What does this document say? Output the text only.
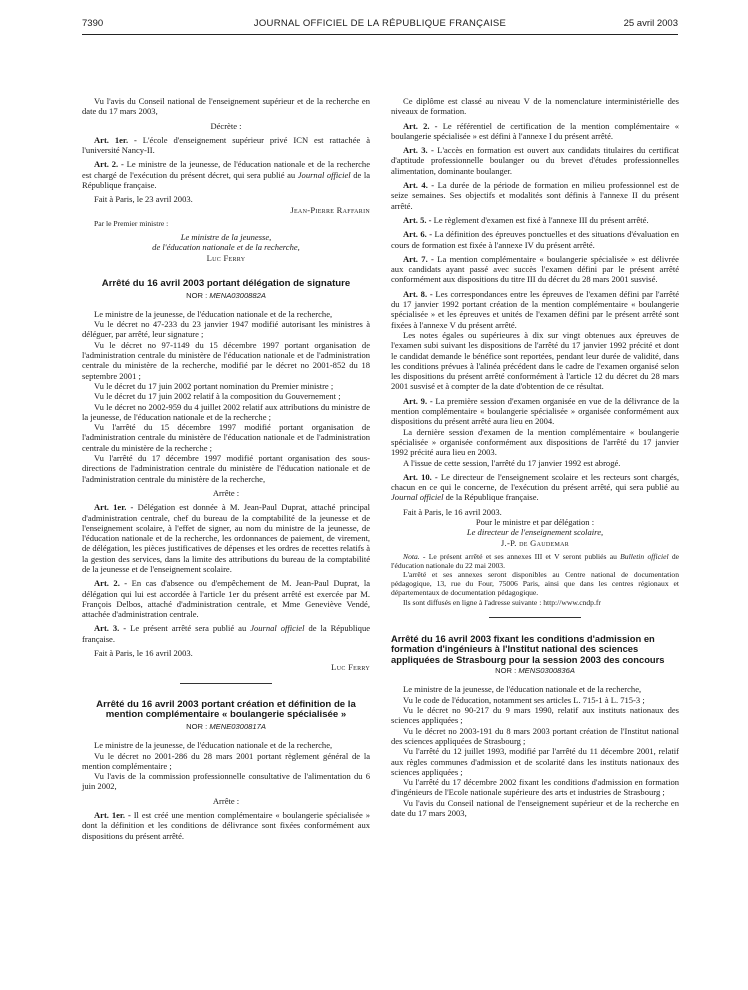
7390	JOURNAL OFFICIEL DE LA RÉPUBLIQUE FRANÇAISE	25 avril 2003

Vu l'avis du Conseil national de l'enseignement supérieur et de la recherche en date du 17 mars 2003,

Décrète :

Art. 1er. - L'école d'enseignement supérieur privé ICN est rattachée à l'université Nancy-II.

Art. 2. - Le ministre de la jeunesse, de l'éducation nationale et de la recherche est chargé de l'exécution du présent décret, qui sera publié au Journal officiel de la République française.

Fait à Paris, le 23 avril 2003.

Jean-Pierre Raffarin

Par le Premier ministre :

Le ministre de la jeunesse,

de l'éducation nationale et de la recherche,

Luc Ferry

Arrêté du 16 avril 2003 portant délégation de signature
NOR : MENA0300882A

Le ministre de la jeunesse, de l'éducation nationale et de la recherche,

Vu le décret no 47-233 du 23 janvier 1947 modifié autorisant les ministres à déléguer, par arrêté, leur signature ;

Vu le décret no 97-1149 du 15 décembre 1997 portant organisation de l'administration centrale du ministère de l'éducation nationale et de l'administration centrale du ministère de la recherche, modifié par le décret no 2001-852 du 18 septembre 2001 ;

Vu le décret du 17 juin 2002 portant nomination du Premier ministre ;

Vu le décret du 17 juin 2002 relatif à la composition du Gouvernement ;

Vu le décret no 2002-959 du 4 juillet 2002 relatif aux attributions du ministre de la jeunesse, de l'éducation nationale et de la recherche ;

Vu l'arrêté du 15 décembre 1997 modifié portant organisation de l'administration centrale du ministère de l'éducation nationale et de l'administration centrale du ministère de la recherche ;

Vu l'arrêté du 17 décembre 1997 modifié portant organisation des sous-directions de l'administration centrale du ministère de l'éducation nationale et de l'administration centrale du ministère de la recherche,

Arrête :

Art. 1er. - Délégation est donnée à M. Jean-Paul Duprat, attaché principal d'administration centrale, chef du bureau de la comptabilité de la jeunesse et de l'enseignement scolaire, à l'effet de signer, au nom du ministre de la jeunesse, de l'éducation nationale et de la recherche, les ordonnances de paiement, de virement, de délégation, les pièces justificatives de dépenses et les ordres de recettes relatifs à la gestion des services, dans la limite des attributions du bureau de la comptabilité de la jeunesse et de l'enseignement scolaire.

Art. 2. - En cas d'absence ou d'empêchement de M. Jean-Paul Duprat, la délégation qui lui est accordée à l'article 1er du présent arrêté est exercée par M. François Delbos, attaché d'administration centrale, et Mme Geneviève Vendé, attachée d'administration centrale.

Art. 3. - Le présent arrêté sera publié au Journal officiel de la République française.

Fait à Paris, le 16 avril 2003.

Luc Ferry

Arrêté du 16 avril 2003 portant création et définition de la mention complémentaire « boulangerie spécialisée »
NOR : MENE0300817A

Le ministre de la jeunesse, de l'éducation nationale et de la recherche,

Vu le décret no 2001-286 du 28 mars 2001 portant règlement général de la mention complémentaire ;

Vu l'avis de la commission professionnelle consultative de l'alimentation du 6 juin 2002,

Arrête :

Art. 1er. - Il est créé une mention complémentaire « boulangerie spécialisée » dont la définition et les conditions de délivrance sont fixées conformément aux dispositions du présent arrêté.

Ce diplôme est classé au niveau V de la nomenclature interministérielle des niveaux de formation.

Art. 2. - Le référentiel de certification de la mention complémentaire « boulangerie spécialisée » est défini à l'annexe I du présent arrêté.

Art. 3. - L'accès en formation est ouvert aux candidats titulaires du certificat d'aptitude professionnelle boulanger ou du brevet d'études professionnelles alimentation, dominante boulanger.

Art. 4. - La durée de la période de formation en milieu professionnel est de seize semaines. Ses objectifs et modalités sont définis à l'annexe II du présent arrêté.

Art. 5. - Le règlement d'examen est fixé à l'annexe III du présent arrêté.

Art. 6. - La définition des épreuves ponctuelles et des situations d'évaluation en cours de formation est fixée à l'annexe IV du présent arrêté.

Art. 7. - La mention complémentaire « boulangerie spécialisée » est délivrée aux candidats ayant passé avec succès l'examen défini par le présent arrêté conformément aux dispositions du titre III du décret du 28 mars 2001 susvisé.

Art. 8. - Les correspondances entre les épreuves de l'examen défini par l'arrêté du 17 janvier 1992 portant création de la mention complémentaire « boulangerie spécialisée » et les épreuves et unités de l'examen défini par le présent arrêté sont fixées à l'annexe V du présent arrêté.

Les notes égales ou supérieures à dix sur vingt obtenues aux épreuves de l'examen subi suivant les dispositions de l'arrêté du 17 janvier 1992 précité et dont le candidat demande le bénéfice sont reportées, pendant leur durée de validité, dans les conditions prévues à l'alinéa précédent dans le cadre de l'examen organisé selon les dispositions du présent arrêté conformément à l'article 12 du décret du 28 mars 2001 susvisé et à compter de la date d'obtention de ce résultat.

Art. 9. - La première session d'examen organisée en vue de la délivrance de la mention complémentaire « boulangerie spécialisée » organisée conformément aux dispositions du présent arrêté aura lieu en 2004.

La dernière session d'examen de la mention complémentaire « boulangerie spécialisée » organisée conformément aux dispositions de l'arrêté du 17 janvier 1992 précité aura lieu en 2003.

A l'issue de cette session, l'arrêté du 17 janvier 1992 est abrogé.

Art. 10. - Le directeur de l'enseignement scolaire et les recteurs sont chargés, chacun en ce qui le concerne, de l'exécution du présent arrêté, qui sera publié au Journal officiel de la République française.

Fait à Paris, le 16 avril 2003.

Pour le ministre et par délégation :

Le directeur de l'enseignement scolaire,

J.-P. de Gaudemar

Nota. - Le présent arrêté et ses annexes III et V seront publiés au Bulletin officiel de l'éducation nationale du 22 mai 2003.

L'arrêté et ses annexes seront disponibles au Centre national de documentation pédagogique, 13, rue du Four, 75006 Paris, ainsi que dans les centres régionaux et départementaux de documentation pédagogique.

Ils sont diffusés en ligne à l'adresse suivante : http://www.cndp.fr

Arrêté du 16 avril 2003 fixant les conditions d'admission en formation d'ingénieurs à l'Institut national des sciences appliquées de Strasbourg pour la session 2003 des concours
NOR : MENS0300836A

Le ministre de la jeunesse, de l'éducation nationale et de la recherche,

Vu le code de l'éducation, notamment ses articles L. 715-1 à L. 715-3 ;

Vu le décret no 90-217 du 9 mars 1990, relatif aux instituts nationaux des sciences appliquées ;

Vu le décret no 2003-191 du 8 mars 2003 portant création de l'Institut national des sciences appliquées de Strasbourg ;

Vu l'arrêté du 12 juillet 1993, modifié par l'arrêté du 11 décembre 2001, relatif aux règles communes d'admission et de scolarité dans les instituts nationaux des sciences appliquées ;

Vu l'arrêté du 17 décembre 2002 fixant les conditions d'admission en formation d'ingénieurs de l'Ecole nationale supérieure des arts et industries de Strasbourg ;

Vu l'avis du Conseil national de l'enseignement supérieur et de la recherche en date du 17 mars 2003,
